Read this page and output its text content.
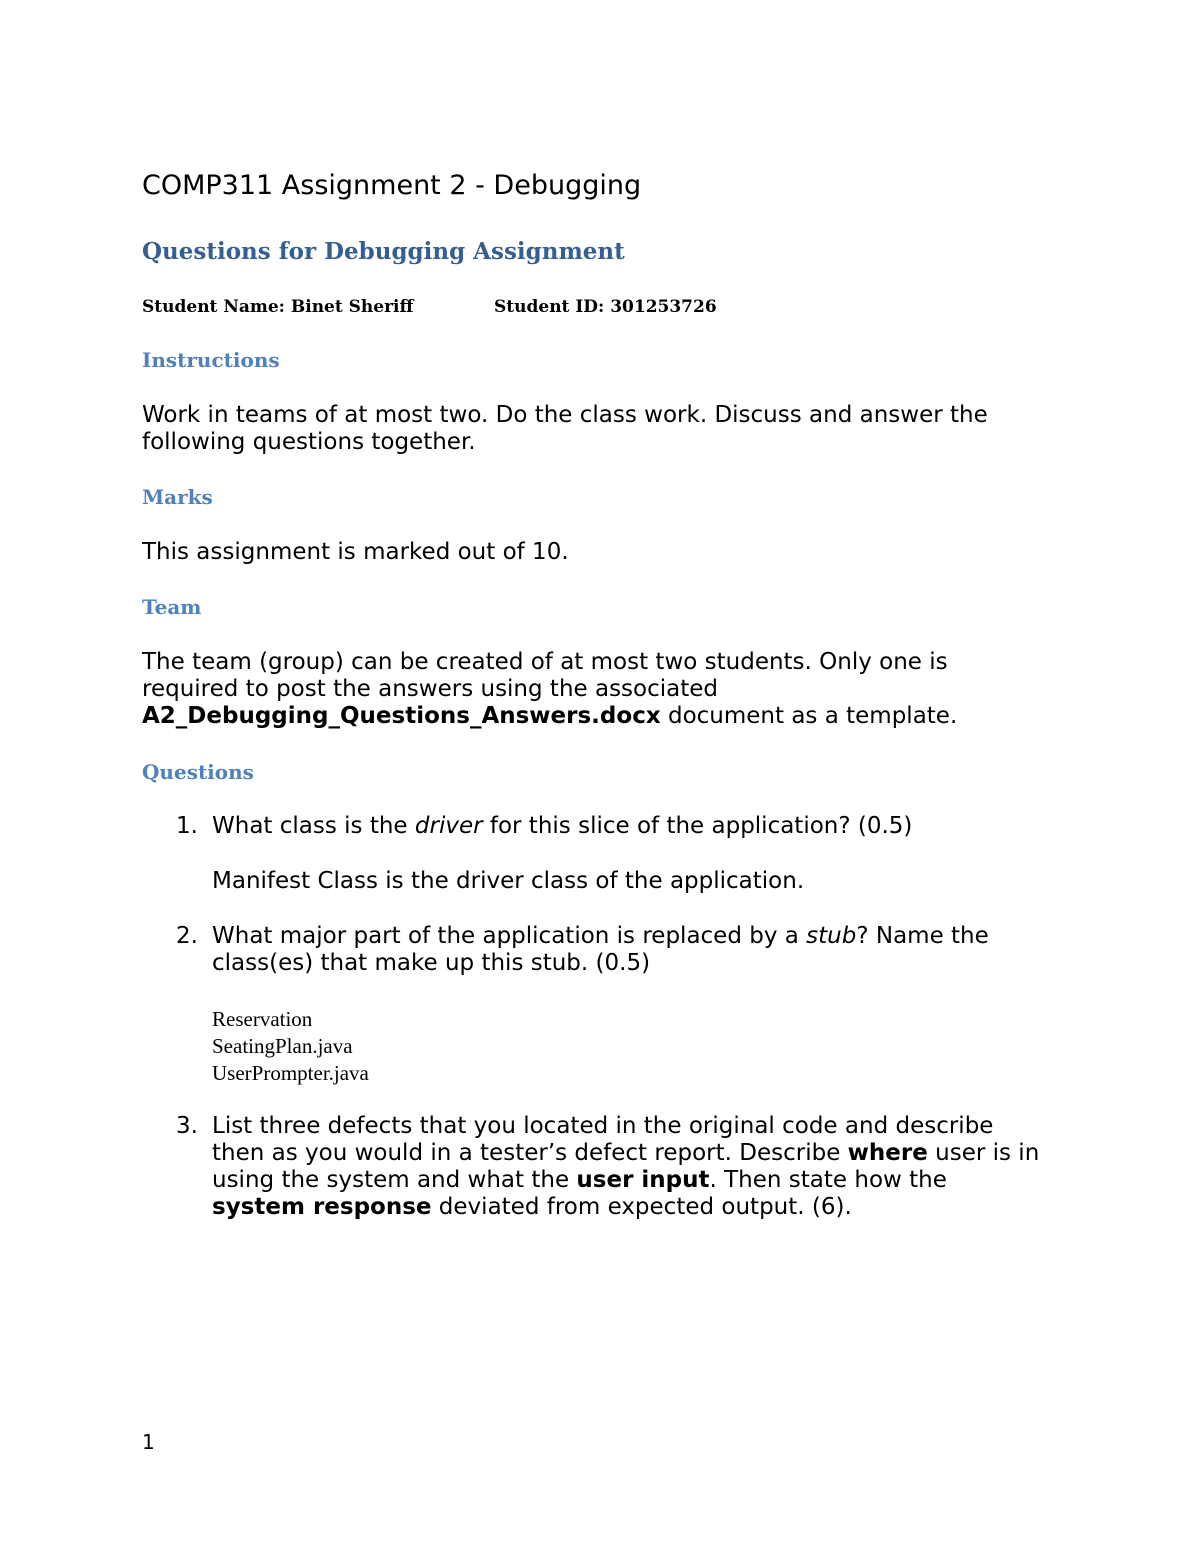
COMP311 Assignment 2 - Debugging
Questions for Debugging Assignment
Student Name: Binet Sheriff	Student ID: 301253726
Instructions
Work in teams of at most two. Do the class work. Discuss and answer the following questions together.
Marks
This assignment is marked out of 10.
Team
The team (group) can be created of at most two students. Only one is required to post the answers using the associated A2_Debugging_Questions_Answers.docx document as a template.
Questions
1. What class is the driver for this slice of the application? (0.5)
Manifest Class is the driver class of the application.
2. What major part of the application is replaced by a stub? Name the class(es) that make up this stub. (0.5)
Reservation
SeatingPlan.java
UserPrompter.java
3. List three defects that you located in the original code and describe then as you would in a tester’s defect report. Describe where user is in using the system and what the user input. Then state how the system response deviated from expected output. (6).
1
